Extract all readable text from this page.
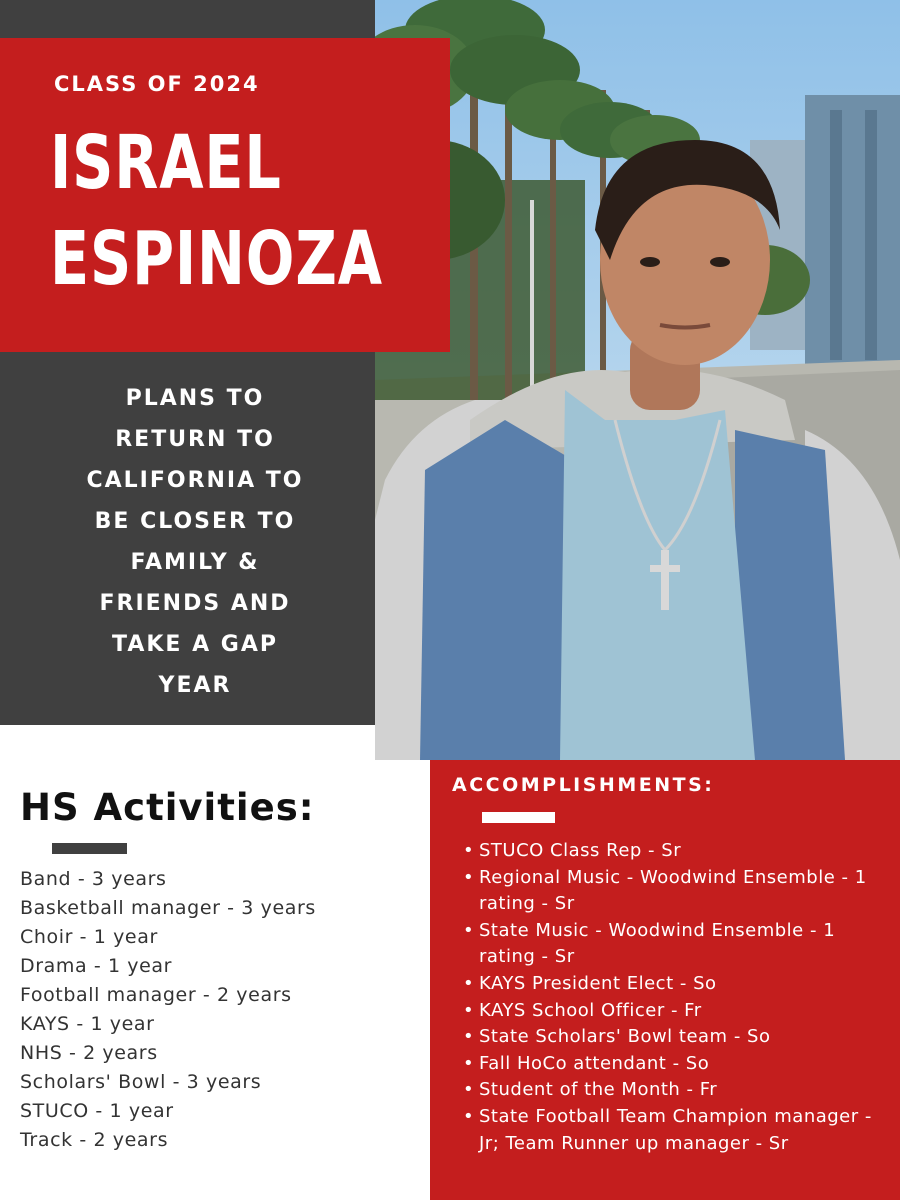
CLASS OF 2024
ISRAEL
ESPINOZA
PLANS TO
RETURN TO
CALIFORNIA TO
BE CLOSER TO
FAMILY &
FRIENDS AND
TAKE A GAP
YEAR
HS Activities:
Band - 3 years
Basketball manager - 3 years
Choir - 1 year
Drama - 1 year
Football manager - 2 years
KAYS - 1 year
NHS - 2 years
Scholars' Bowl - 3 years
STUCO - 1 year
Track - 2 years
ACCOMPLISHMENTS:
• STUCO Class Rep - Sr
• Regional Music - Woodwind Ensemble - 1 rating - Sr
• State Music - Woodwind Ensemble - 1 rating - Sr
• KAYS President Elect - So
• KAYS School Officer - Fr
• State Scholars' Bowl team - So
• Fall HoCo attendant - So
• Student of the Month - Fr
• State Football Team Champion manager - Jr; Team Runner up manager - Sr
